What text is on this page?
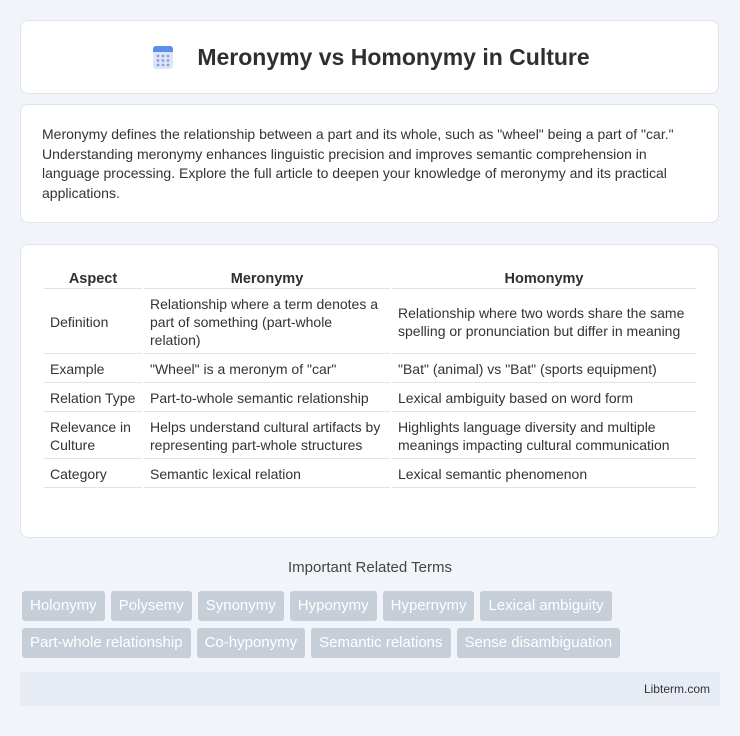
Meronymy vs Homonymy in Culture

Meronymy defines the relationship between a part and its whole, such as "wheel" being a part of "car." Understanding meronymy enhances linguistic precision and improves semantic comprehension in language processing. Explore the full article to deepen your knowledge of meronymy and its practical applications.

Aspect	Meronymy	Homonymy
Definition	Relationship where a term denotes a part of something (part-whole relation)	Relationship where two words share the same spelling or pronunciation but differ in meaning
Example	"Wheel" is a meronym of "car"	"Bat" (animal) vs "Bat" (sports equipment)
Relation Type	Part-to-whole semantic relationship	Lexical ambiguity based on word form
Relevance in Culture	Helps understand cultural artifacts by representing part-whole structures	Highlights language diversity and multiple meanings impacting cultural communication
Category	Semantic lexical relation	Lexical semantic phenomenon
Important Related Terms
Holonymy	Polysemy	Synonymy	Hyponymy	Hypernymy	Lexical ambiguity
Part-whole relationship	Co-hyponymy	Semantic relations	Sense disambiguation
Libterm.com
